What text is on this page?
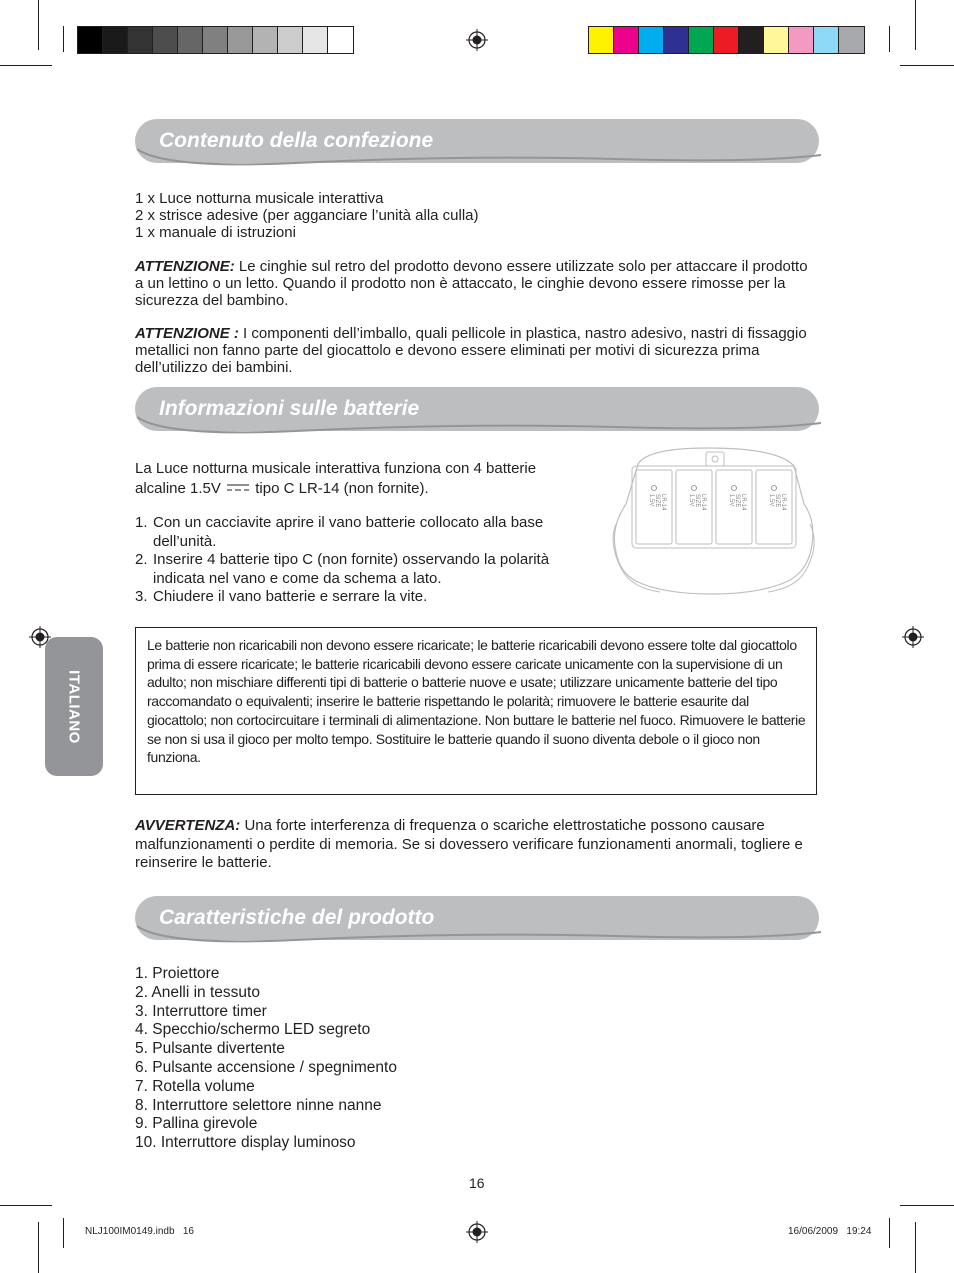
Contenuto della confezione

1 x Luce notturna musicale interattiva

2 x strisce adesive (per agganciare l’unità alla culla)

1 x manuale di istruzioni

ATTENZIONE: Le cinghie sul retro del prodotto devono essere utilizzate solo per attaccare il prodotto a un lettino o un letto. Quando il prodotto non è attaccato, le cinghie devono essere rimosse per la sicurezza del bambino.

ATTENZIONE : I componenti dell’imballo, quali pellicole in plastica, nastro adesivo, nastri di fissaggio metallici non fanno parte del giocattolo e devono essere eliminati per motivi di sicurezza prima dell’utilizzo dei bambini.

Informazioni sulle batterie

La Luce notturna musicale interattiva funziona con 4 batterie

alcaline 1.5V tipo C LR-14 (non fornite).

1. Con un cacciavite aprire il vano batterie collocato alla base
dell’unità.
2. Inserire 4 batterie tipo C (non fornite) osservando la polarità
indicata nel vano e come da schema a lato.
3. Chiudere il vano batterie e serrare la vite.
1.5V SIZE LR-14	1.5V SIZE LR-14	1.5V SIZE LR-14	1.5V SIZE LR-14
ITALIANO

Le batterie non ricaricabili non devono essere ricaricate; le batterie ricaricabili devono essere tolte dal giocattolo prima di essere ricaricate; le batterie ricaricabili devono essere caricate unicamente con la supervisione di un adulto; non mischiare differenti tipi di batterie o batterie nuove e usate; utilizzare unicamente batterie del tipo raccomandato o equivalenti; inserire le batterie rispettando le polarità; rimuovere le batterie esaurite dal giocattolo; non cortocircuitare i terminali di alimentazione. Non buttare le batterie nel fuoco. Rimuovere le batterie se non si usa il gioco per molto tempo. Sostituire le batterie quando il suono diventa debole o il gioco non funziona.

AVVERTENZA: Una forte interferenza di frequenza o scariche elettrostatiche possono causare malfunzionamenti o perdite di memoria. Se si dovessero verificare funzionamenti anormali, togliere e reinserire le batterie.

Caratteristiche del prodotto
1. Proiettore
2. Anelli in tessuto
3. Interruttore timer
4. Specchio/schermo LED segreto
5. Pulsante divertente
6. Pulsante accensione / spegnimento
7. Rotella volume
8. Interruttore selettore ninne nanne
9. Pallina girevole
10. Interruttore display luminoso
16
NLJ100IM0149.indb   16	16/06/2009   19:24
